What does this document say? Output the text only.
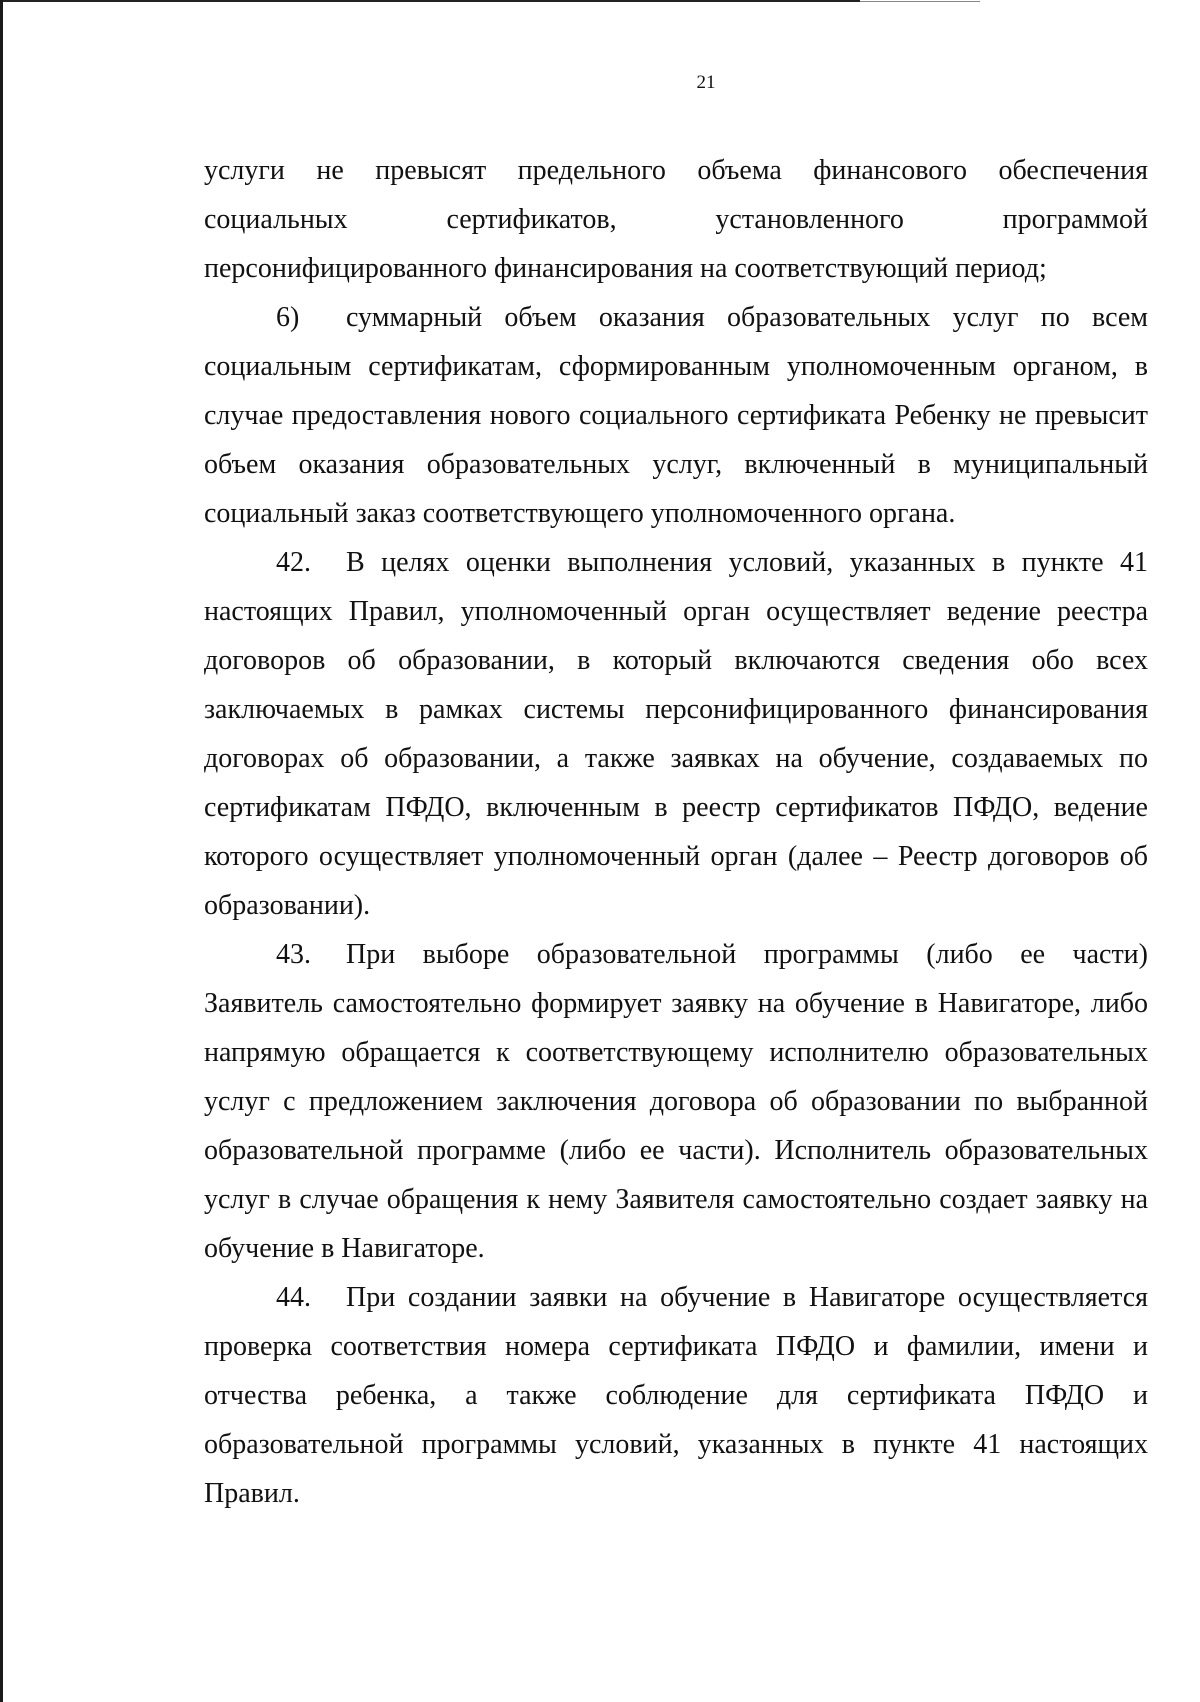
21

услуги не превысят предельного объема финансового обеспечения социальных сертификатов, установленного программой персонифицированного финансирования на соответствующий период;

6) суммарный объем оказания образовательных услуг по всем социальным сертификатам, сформированным уполномоченным органом, в случае предоставления нового социального сертификата Ребенку не превысит объем оказания образовательных услуг, включенный в муниципальный социальный заказ соответствующего уполномоченного органа.

42. В целях оценки выполнения условий, указанных в пункте 41 настоящих Правил, уполномоченный орган осуществляет ведение реестра договоров об образовании, в который включаются сведения обо всех заключаемых в рамках системы персонифицированного финансирования договорах об образовании, а также заявках на обучение, создаваемых по сертификатам ПФДО, включенным в реестр сертификатов ПФДО, ведение которого осуществляет уполномоченный орган (далее – Реестр договоров об образовании).

43. При выборе образовательной программы (либо ее части) Заявитель самостоятельно формирует заявку на обучение в Навигаторе, либо напрямую обращается к соответствующему исполнителю образовательных услуг с предложением заключения договора об образовании по выбранной образовательной программе (либо ее части). Исполнитель образовательных услуг в случае обращения к нему Заявителя самостоятельно создает заявку на обучение в Навигаторе.

44. При создании заявки на обучение в Навигаторе осуществляется проверка соответствия номера сертификата ПФДО и фамилии, имени и отчества ребенка, а также соблюдение для сертификата ПФДО и образовательной программы условий, указанных в пункте 41 настоящих Правил.
